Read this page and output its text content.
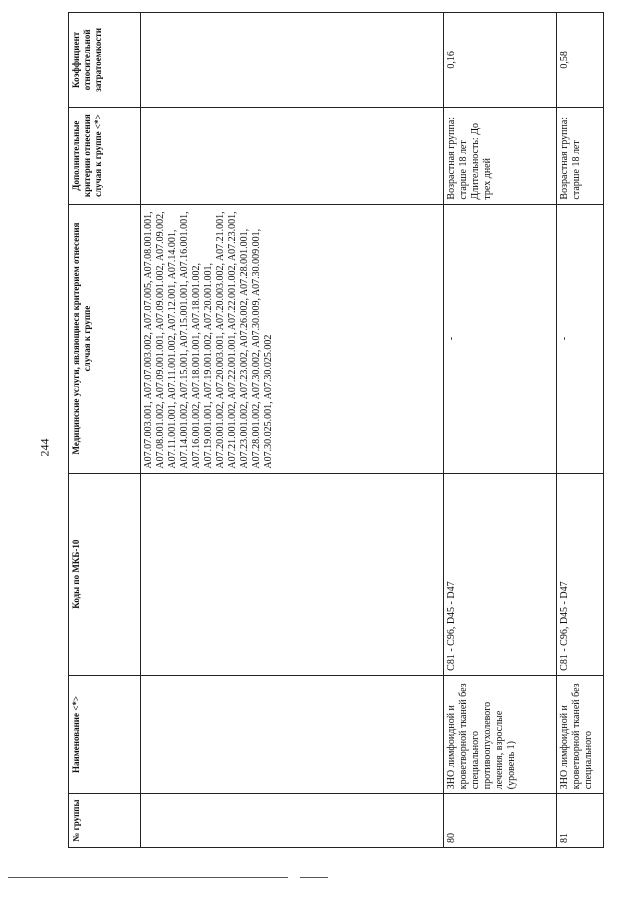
244
№ группы	Наименование <*>	Коды по МКБ-10	Медицинские услуги, являющиеся критерием отнесения случая к группе	Дополнительные критерии отнесения случая к группе <*>	Коэффициент относительной затратоемкости
			A07.07.003.001, A07.07.003.002, A07.07.005, A07.08.001.001, A07.08.001.002, A07.09.001.001, A07.09.001.002, A07.09.002, A07.11.001.001, A07.11.001.002, A07.12.001, A07.14.001, A07.14.001.002, A07.15.001, A07.15.001.001, A07.16.001.001, A07.16.001.002, A07.18.001.001, A07.18.001.002, A07.19.001.001, A07.19.001.002, A07.20.001.001, A07.20.001.002, A07.20.003.001, A07.20.003.002, A07.21.001, A07.21.001.002, A07.22.001.001, A07.22.001.002, A07.23.001, A07.23.001.002, A07.23.002, A07.26.002, A07.28.001.001, A07.28.001.002, A07.30.002, A07.30.009, A07.30.009.001, A07.30.025.001, A07.30.025.002		
80	ЗНО лимфоидной и кроветворной тканей без специального противоопухолевого лечения, взрослые (уровень 1)	C81 - C96, D45 - D47	-	Возрастная группа: старше 18 лет Длительность: До трех дней	0,16
81	ЗНО лимфоидной и кроветворной тканей без специального	C81 - C96, D45 - D47	-	Возрастная группа: старше 18 лет	0,58
